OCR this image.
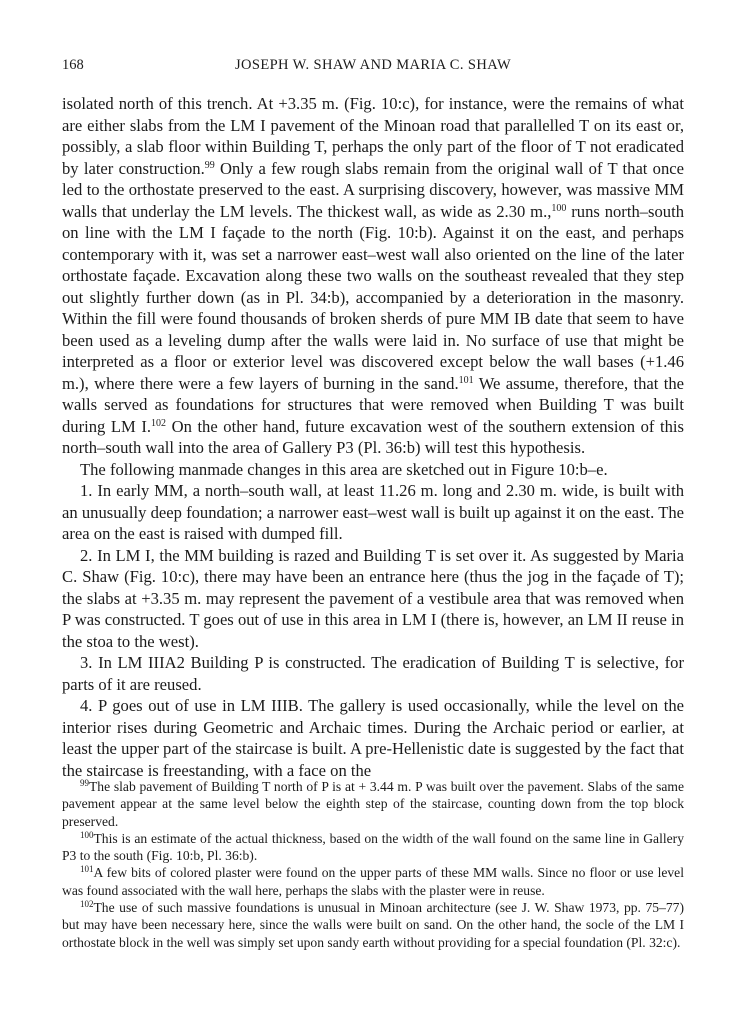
168	JOSEPH W. SHAW AND MARIA C. SHAW

isolated north of this trench. At +3.35 m. (Fig. 10:c), for instance, were the remains of what are either slabs from the LM I pavement of the Minoan road that parallelled T on its east or, possibly, a slab floor within Building T, perhaps the only part of the floor of T not eradicated by later construction.$^{99}$ Only a few rough slabs remain from the original wall of T that once led to the orthostate preserved to the east. A surprising discovery, however, was massive MM walls that underlay the LM levels. The thickest wall, as wide as 2.30 m.,$^{100}$ runs north–south on line with the LM I façade to the north (Fig. 10:b). Against it on the east, and perhaps contemporary with it, was set a narrower east–west wall also oriented on the line of the later orthostate façade. Excavation along these two walls on the southeast revealed that they step out slightly further down (as in Pl. 34:b), accompanied by a deterioration in the masonry. Within the fill were found thousands of broken sherds of pure MM IB date that seem to have been used as a leveling dump after the walls were laid in. No surface of use that might be interpreted as a floor or exterior level was discovered except below the wall bases (+1.46 m.), where there were a few layers of burning in the sand.$^{101}$ We assume, therefore, that the walls served as foundations for structures that were removed when Building T was built during LM I.$^{102}$ On the other hand, future excavation west of the southern extension of this north–south wall into the area of Gallery P3 (Pl. 36:b) will test this hypothesis.

The following manmade changes in this area are sketched out in Figure 10:b–e.

1. In early MM, a north–south wall, at least 11.26 m. long and 2.30 m. wide, is built with an unusually deep foundation; a narrower east–west wall is built up against it on the east. The area on the east is raised with dumped fill.

2. In LM I, the MM building is razed and Building T is set over it. As suggested by Maria C. Shaw (Fig. 10:c), there may have been an entrance here (thus the jog in the façade of T); the slabs at +3.35 m. may represent the pavement of a vestibule area that was removed when P was constructed. T goes out of use in this area in LM I (there is, however, an LM II reuse in the stoa to the west).

3. In LM IIIA2 Building P is constructed. The eradication of Building T is selective, for parts of it are reused.

4. P goes out of use in LM IIIB. The gallery is used occasionally, while the level on the interior rises during Geometric and Archaic times. During the Archaic period or earlier, at least the upper part of the staircase is built. A pre-Hellenistic date is suggested by the fact that the staircase is freestanding, with a face on the

$^{99}$The slab pavement of Building T north of P is at + 3.44 m. P was built over the pavement. Slabs of the same pavement appear at the same level below the eighth step of the staircase, counting down from the top block preserved.

$^{100}$This is an estimate of the actual thickness, based on the width of the wall found on the same line in Gallery P3 to the south (Fig. 10:b, Pl. 36:b).

$^{101}$A few bits of colored plaster were found on the upper parts of these MM walls. Since no floor or use level was found associated with the wall here, perhaps the slabs with the plaster were in reuse.

$^{102}$The use of such massive foundations is unusual in Minoan architecture (see J. W. Shaw 1973, pp. 75–77) but may have been necessary here, since the walls were built on sand. On the other hand, the socle of the LM I orthostate block in the well was simply set upon sandy earth without providing for a special foundation (Pl. 32:c).
